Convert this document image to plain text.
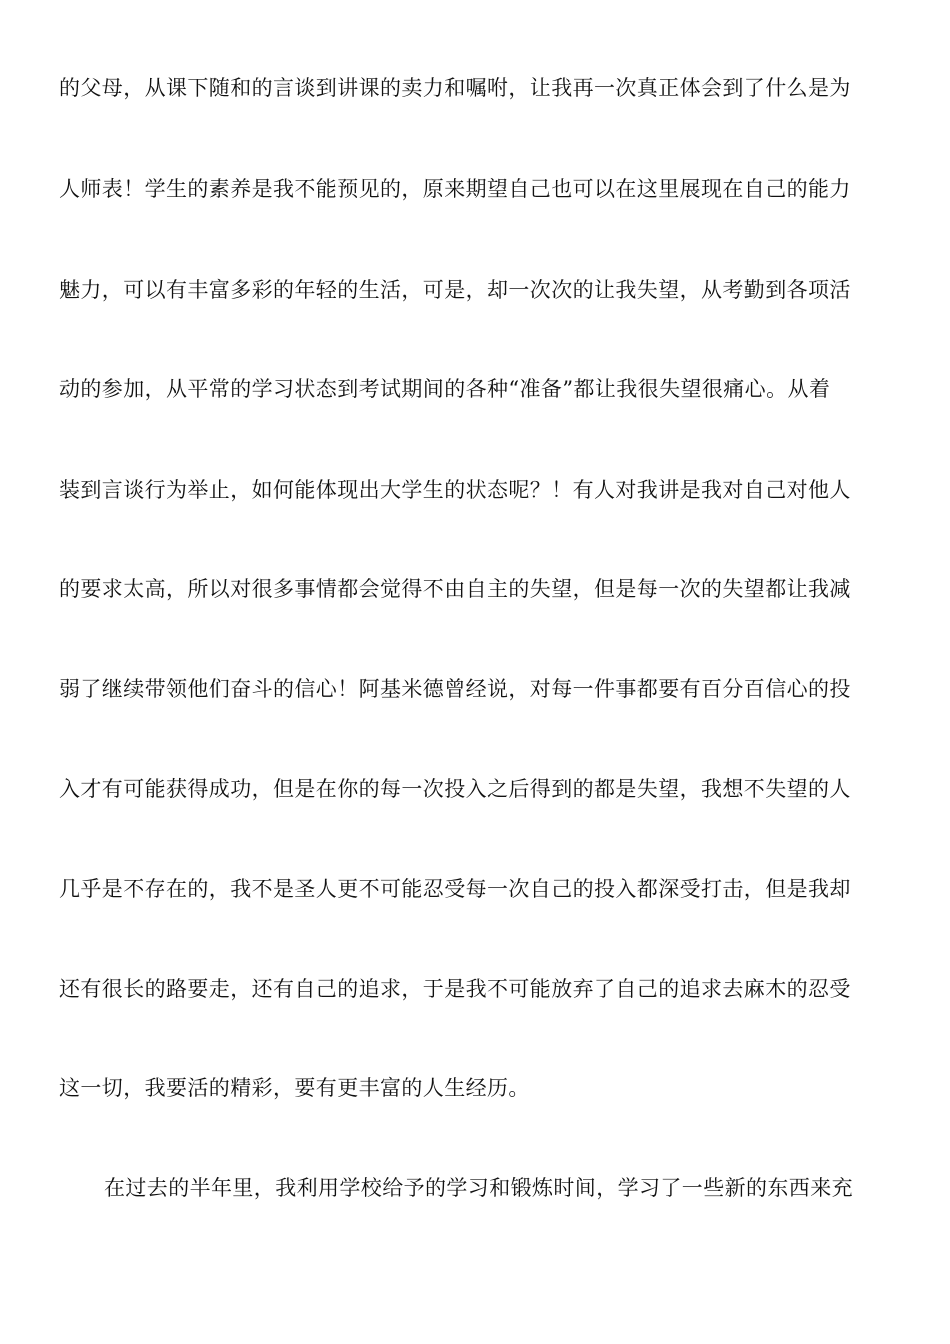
的父母，从课下随和的言谈到讲课的卖力和嘱咐，让我再一次真正体会到了什么是为
人师表！学生的素养是我不能预见的，原来期望自己也可以在这里展现在自己的能力
魅力，可以有丰富多彩的年轻的生活，可是，却一次次的让我失望，从考勤到各项活
动的参加，从平常的学习状态到考试期间的各种“准备”都让我很失望很痛心。从着
装到言谈行为举止，如何能体现出大学生的状态呢？！有人对我讲是我对自己对他人
的要求太高，所以对很多事情都会觉得不由自主的失望，但是每一次的失望都让我减
弱了继续带领他们奋斗的信心！阿基米德曾经说，对每一件事都要有百分百信心的投
入才有可能获得成功，但是在你的每一次投入之后得到的都是失望，我想不失望的人
几乎是不存在的，我不是圣人更不可能忍受每一次自己的投入都深受打击，但是我却
还有很长的路要走，还有自己的追求，于是我不可能放弃了自己的追求去麻木的忍受
这一切，我要活的精彩，要有更丰富的人生经历。
在过去的半年里，我利用学校给予的学习和锻炼时间，学习了一些新的东西来充
